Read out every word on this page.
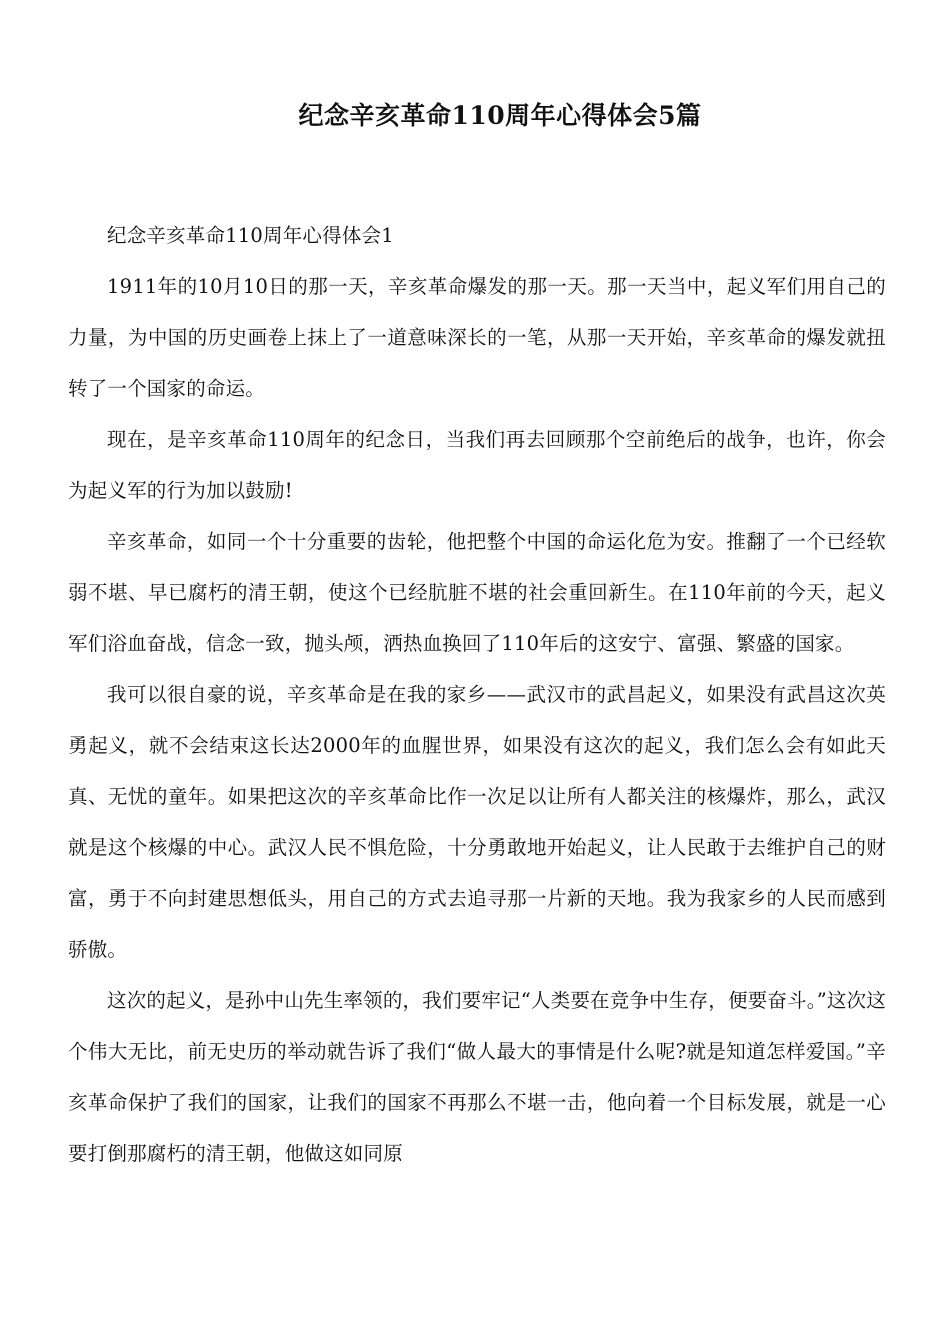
纪念辛亥革命110周年心得体会5篇

纪念辛亥革命110周年心得体会1

1911年的10月10日的那一天，辛亥革命爆发的那一天。那一天当中，起义军们用自己的力量，为中国的历史画卷上抹上了一道意味深长的一笔，从那一天开始，辛亥革命的爆发就扭转了一个国家的命运。

现在，是辛亥革命110周年的纪念日，当我们再去回顾那个空前绝后的战争，也许，你会为起义军的行为加以鼓励!

辛亥革命，如同一个十分重要的齿轮，他把整个中国的命运化危为安。推翻了一个已经软弱不堪、早已腐朽的清王朝，使这个已经肮脏不堪的社会重回新生。在110年前的今天，起义军们浴血奋战，信念一致，抛头颅，洒热血换回了110年后的这安宁、富强、繁盛的国家。

我可以很自豪的说，辛亥革命是在我的家乡——武汉市的武昌起义，如果没有武昌这次英勇起义，就不会结束这长达2000年的血腥世界，如果没有这次的起义，我们怎么会有如此天真、无忧的童年。如果把这次的辛亥革命比作一次足以让所有人都关注的核爆炸，那么，武汉就是这个核爆的中心。武汉人民不惧危险，十分勇敢地开始起义，让人民敢于去维护自己的财富，勇于不向封建思想低头，用自己的方式去追寻那一片新的天地。我为我家乡的人民而感到骄傲。

这次的起义，是孙中山先生率领的，我们要牢记“人类要在竞争中生存，便要奋斗。”这次这个伟大无比，前无史历的举动就告诉了我们“做人最大的事情是什么呢?就是知道怎样爱国。”辛亥革命保护了我们的国家，让我们的国家不再那么不堪一击，他向着一个目标发展，就是一心要打倒那腐朽的清王朝，他做这如同原
